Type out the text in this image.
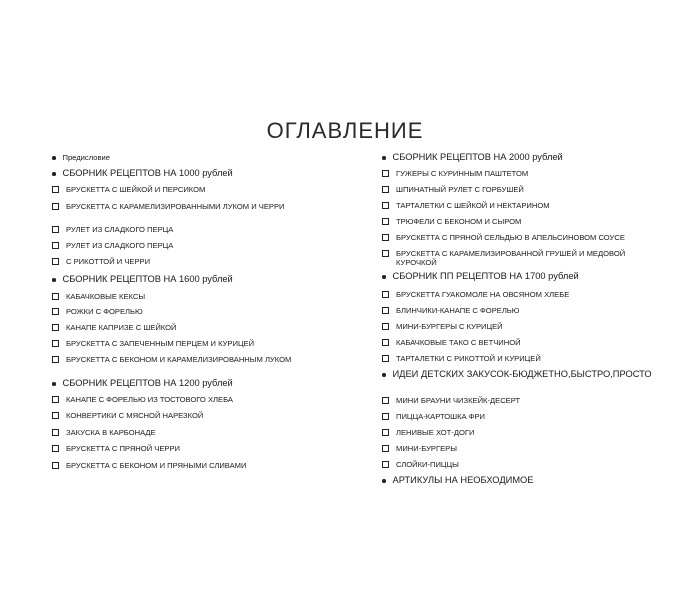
ОГЛАВЛЕНИЕ
Предисловие
СБОРНИК РЕЦЕПТОВ НА 1000 рублей
БРУСКЕТТА С ШЕЙКОЙ И ПЕРСИКОМ
БРУСКЕТТА С КАРАМЕЛИЗИРОВАННЫМИ ЛУКОМ И ЧЕРРИ
РУЛЕТ ИЗ СЛАДКОГО ПЕРЦА
РУЛЕТ ИЗ СЛАДКОГО ПЕРЦА
С РИКОТТОЙ И ЧЕРРИ
СБОРНИК РЕЦЕПТОВ НА 1600 рублей
КАБАЧКОВЫЕ КЕКСЫ
РОЖКИ С ФОРЕЛЬЮ
КАНАПЕ КАПРИЗЕ С ШЕЙКОЙ
БРУСКЕТТА С ЗАПЕЧЕННЫМ ПЕРЦЕМ И КУРИЦЕЙ
БРУСКЕТТА С БЕКОНОМ И КАРАМЕЛИЗИРОВАННЫМ ЛУКОМ
СБОРНИК РЕЦЕПТОВ НА 1200 рублей
КАНАПЕ С ФОРЕЛЬЮ ИЗ ТОСТОВОГО ХЛЕБА
КОНВЕРТИКИ С МЯСНОЙ НАРЕЗКОЙ
ЗАКУСКА В КАРБОНАДЕ
БРУСКЕТТА С ПРЯНОЙ ЧЕРРИ
БРУСКЕТТА С БЕКОНОМ И ПРЯНЫМИ СЛИВАМИ
СБОРНИК РЕЦЕПТОВ НА 2000 рублей
ГУЖЕРЫ С КУРИННЫМ ПАШТЕТОМ
ШПИНАТНЫЙ РУЛЕТ С ГОРБУШЕЙ
ТАРТАЛЕТКИ С ШЕЙКОЙ И НЕКТАРИНОМ
ТРЮФЕЛИ С БЕКОНОМ И СЫРОМ
БРУСКЕТТА С ПРЯНОЙ СЕЛЬДЬЮ В АПЕЛЬСИНОВОМ СОУСЕ
БРУСКЕТТА С КАРАМЕЛИЗИРОВАННОЙ ГРУШЕЙ И МЕДОВОЙ КУРОЧКОЙ
СБОРНИК ПП РЕЦЕПТОВ НА 1700 рублей
БРУСКЕТТА ГУАКОМОЛЕ НА ОВСЯНОМ ХЛЕБЕ
БЛИНЧИКИ-КАНАПЕ С ФОРЕЛЬЮ
МИНИ-БУРГЕРЫ С КУРИЦЕЙ
КАБАЧКОВЫЕ ТАКО С ВЕТЧИНОЙ
ТАРТАЛЕТКИ С РИКОТТОЙ И КУРИЦЕЙ
ИДЕИ ДЕТСКИХ ЗАКУСОК-БЮДЖЕТНО,БЫСТРО,ПРОСТО
МИНИ БРАУНИ ЧИЗКЕЙК-ДЕСЕРТ
ПИЦЦА-КАРТОШКА ФРИ
ЛЕНИВЫЕ ХОТ-ДОГИ
МИНИ-БУРГЕРЫ
СЛОЙКИ-ПИЦЦЫ
АРТИКУЛЫ НА НЕОБХОДИМОЕ
